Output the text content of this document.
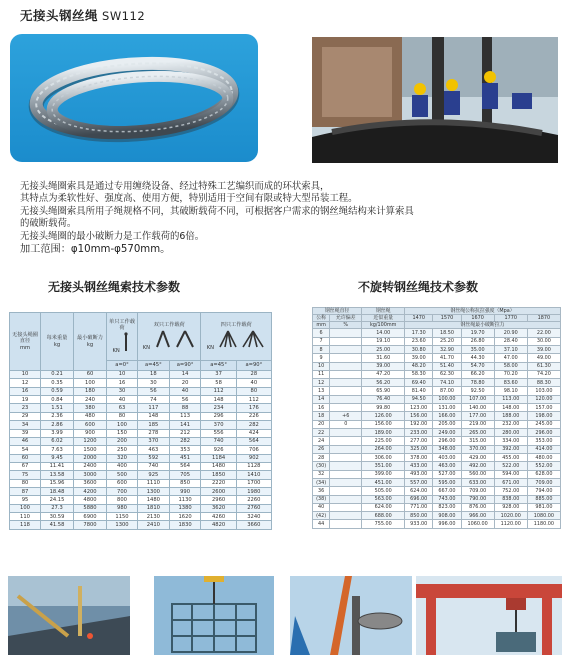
无接头钢丝绳 SW112

无接头绳圈索具是通过专用缠绕设备、经过特殊工艺编织而成的环状索具，

其特点为柔软性好、强度高、使用方便，特别适用于空间有限或特大型吊装工程。

无接头绳圈索具所用子绳规格不同，其破断载荷不同，可根据客户需求的钢丝绳结构来计算索具

的破断载荷。

无接头绳圈的最小破断力是工作载荷的6倍。

加工范围：φ10mm-φ570mm。

无接头钢丝绳索技术参数	不旋转钢丝绳技术参数
无接头绳圈直径
mm	每米重量
kg	最小破断力
kg	单只工作载荷
KN	双只工作载荷
KN		四只工作载荷
KN	
			a=0°	a=45°	a=90°	a=45°	a=90°
10	0.21	60	10	18	14	37	28
12	0.35	100	16	30	20	58	40
16	0.59	180	30	56	40	112	80
19	0.84	240	40	74	56	148	112
23	1.51	380	63	117	88	234	176
29	2.36	480	80	148	113	296	226
34	2.86	600	100	185	141	370	282
39	3.99	900	150	278	212	556	424
46	6.02	1200	200	370	282	740	564
54	7.63	1500	250	463	353	926	706
60	9.45	2000	320	592	451	1184	902
67	11.41	2400	400	740	564	1480	1128
75	13.58	3000	500	925	705	1850	1410
80	15.96	3600	600	1110	850	2220	1700
87	18.48	4200	700	1300	990	2600	1980
95	24.15	4800	800	1480	1130	2960	2260
100	27.3	5880	980	1810	1380	3620	2760
110	30.59	6900	1150	2130	1620	4260	3240
118	41.58	7800	1300	2410	1830	4820	3660
钢丝绳直径		钢丝绳	钢丝绳公称抗拉强度（Mpa）				
公称	允许偏差	近似重量	1470	1570	1670	1770	1870
mm	%	kg/100mm	钢丝绳最小破断拉力				
6		14.00	17.30	18.50	19.70	20.90	22.00
7		19.10	23.60	25.20	26.80	28.40	30.00
8		25.00	30.80	32.90	35.00	37.10	39.00
9		31.60	39.00	41.70	44.30	47.00	49.00
10		39.00	48.20	51.40	54.70	58.00	61.30
11		47.20	58.30	62.30	66.20	70.20	74.20
12		56.20	69.40	74.10	78.80	83.60	88.30
13		65.90	81.40	87.00	92.50	98.10	103.00
14		76.40	94.50	100.00	107.00	113.00	120.00
16		99.80	123.00	131.00	140.00	148.00	157.00
18	+6	126.00	156.00	166.00	177.00	188.00	198.00
20	0	156.00	192.00	205.00	219.00	232.00	245.00
22		189.00	233.00	249.00	265.00	280.00	296.00
24		225.00	277.00	296.00	315.00	334.00	353.00
26		264.00	325.00	348.00	370.00	392.00	414.00
28		306.00	378.00	403.00	429.00	455.00	480.00
(30)		351.00	433.00	463.00	492.00	522.00	552.00
32		399.00	493.00	527.00	560.00	594.00	628.00
(34)		451.00	557.00	595.00	633.00	671.00	709.00
36		505.00	624.00	667.00	709.00	752.00	794.00
(38)		563.00	696.00	743.00	790.00	838.00	885.00
40		624.00	771.00	823.00	876.00	928.00	981.00
(42)		688.00	850.00	908.00	966.00	1020.00	1080.00
44		755.00	933.00	996.00	1060.00	1120.00	1180.00
